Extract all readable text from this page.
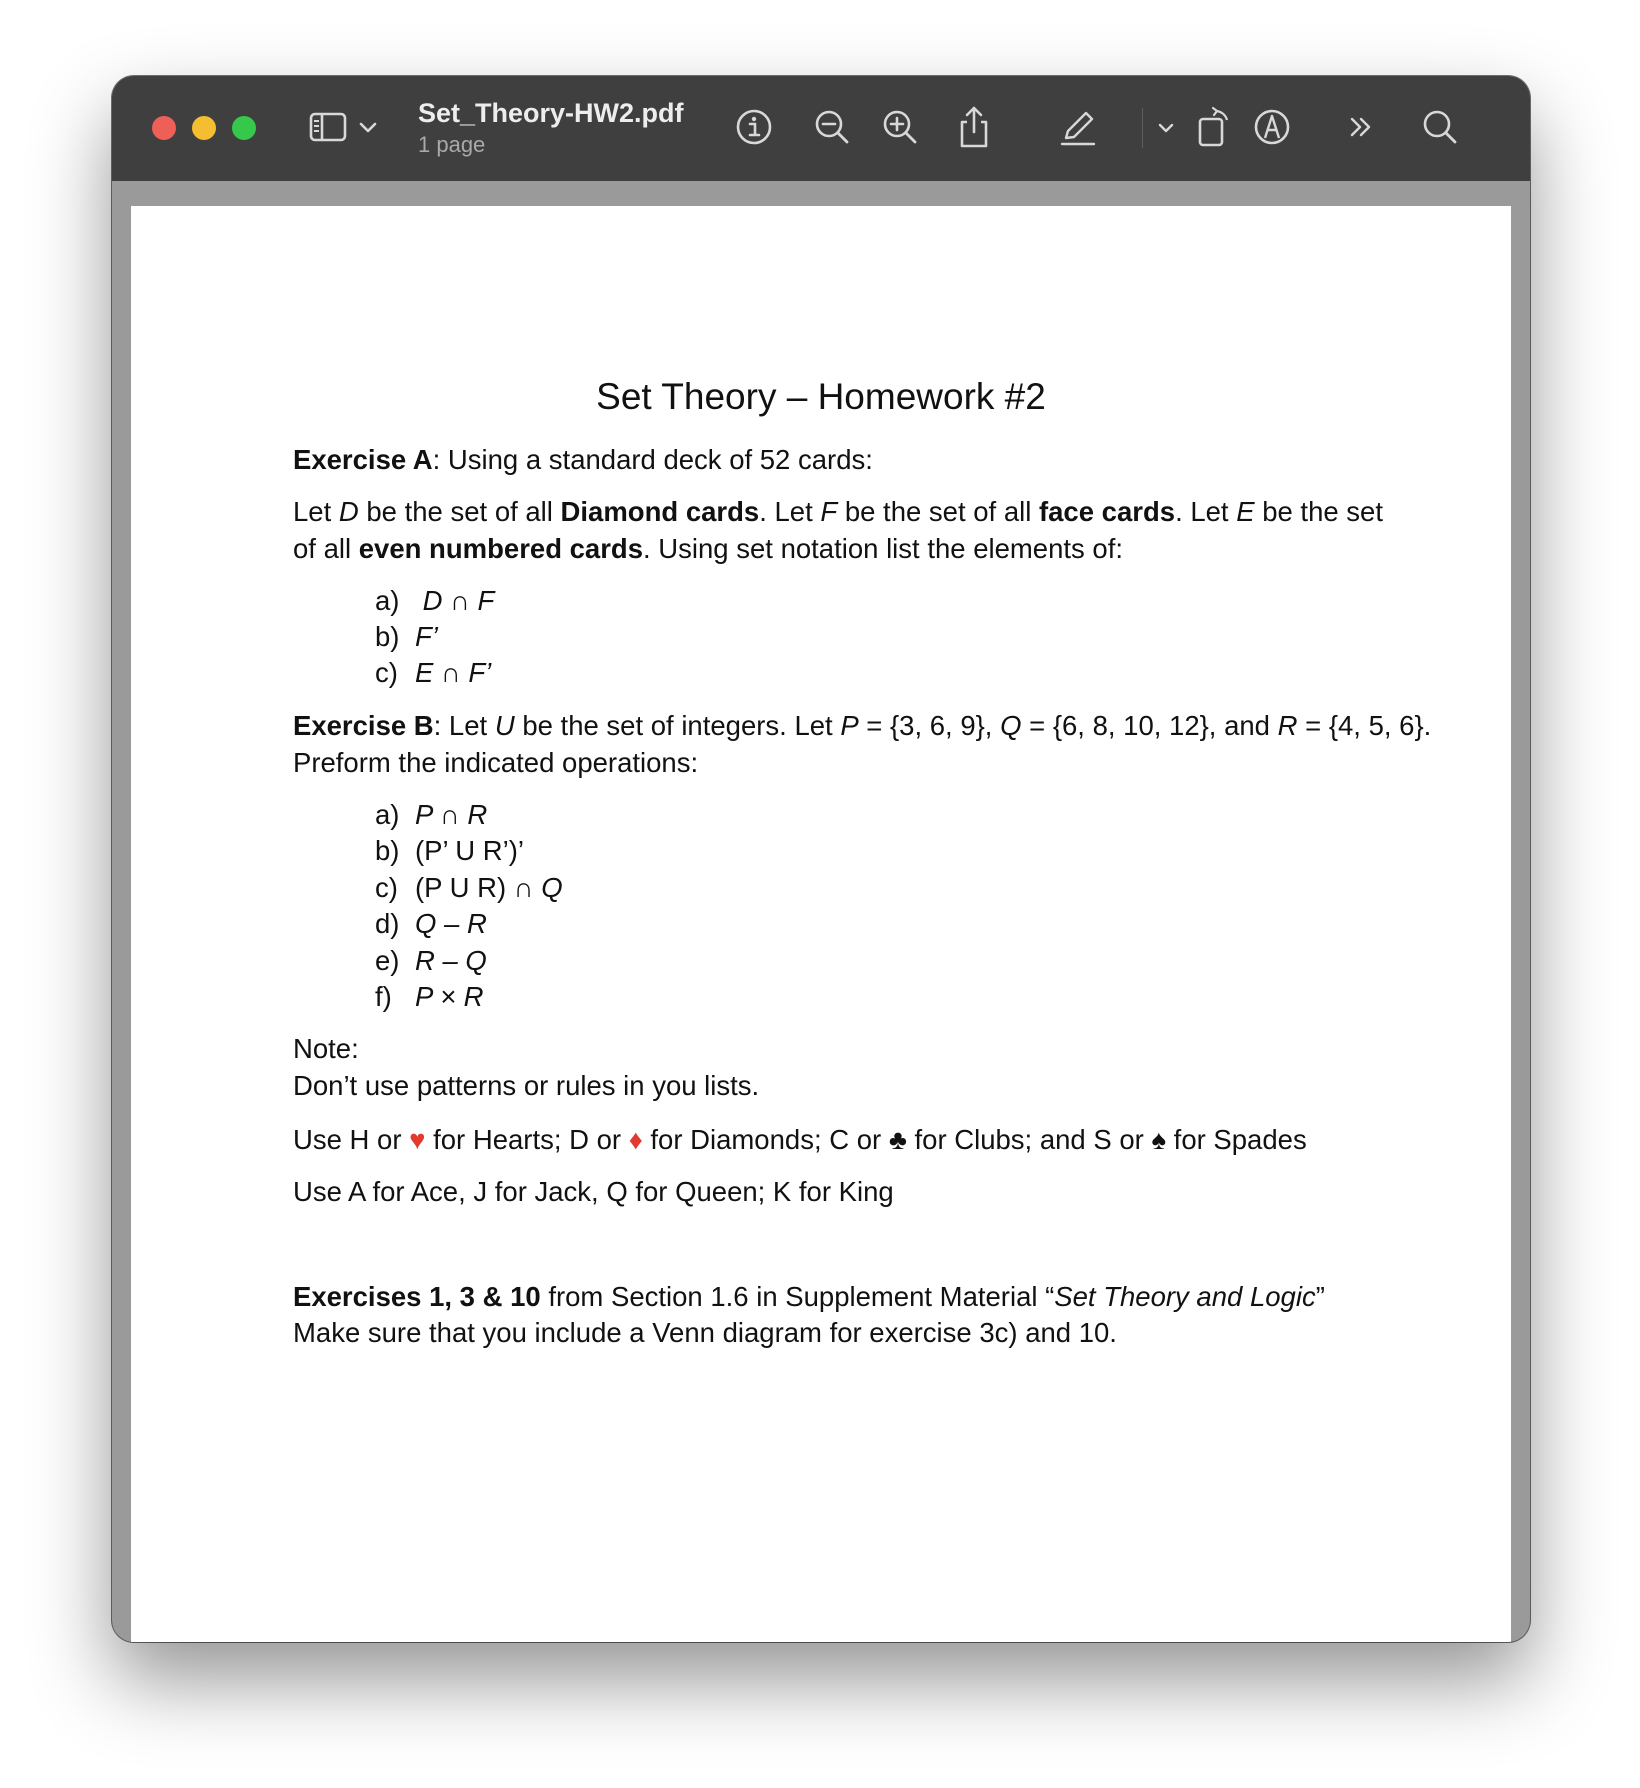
Set_Theory-HW2.pdf
1 page
Set Theory – Homework #2
Exercise A: Using a standard deck of 52 cards:
Let D be the set of all Diamond cards. Let F be the set of all face cards. Let E be the set
of all even numbered cards. Using set notation list the elements of:
a) D ∩ F
b) F’
c) E ∩ F’
Exercise B: Let U be the set of integers. Let P = {3, 6, 9}, Q = {6, 8, 10, 12}, and R = {4, 5, 6}.
Preform the indicated operations:
a) P ∩ R
b) (P’ U R’)’
c) (P U R) ∩ Q
d) Q – R
e) R – Q
f) P × R
Note:
Don’t use patterns or rules in you lists.
Use H or ♥ for Hearts; D or ♦ for Diamonds; C or ♣ for Clubs; and S or ♠ for Spades
Use A for Ace, J for Jack, Q for Queen; K for King
Exercises 1, 3 & 10 from Section 1.6 in Supplement Material “Set Theory and Logic”
Make sure that you include a Venn diagram for exercise 3c) and 10.
